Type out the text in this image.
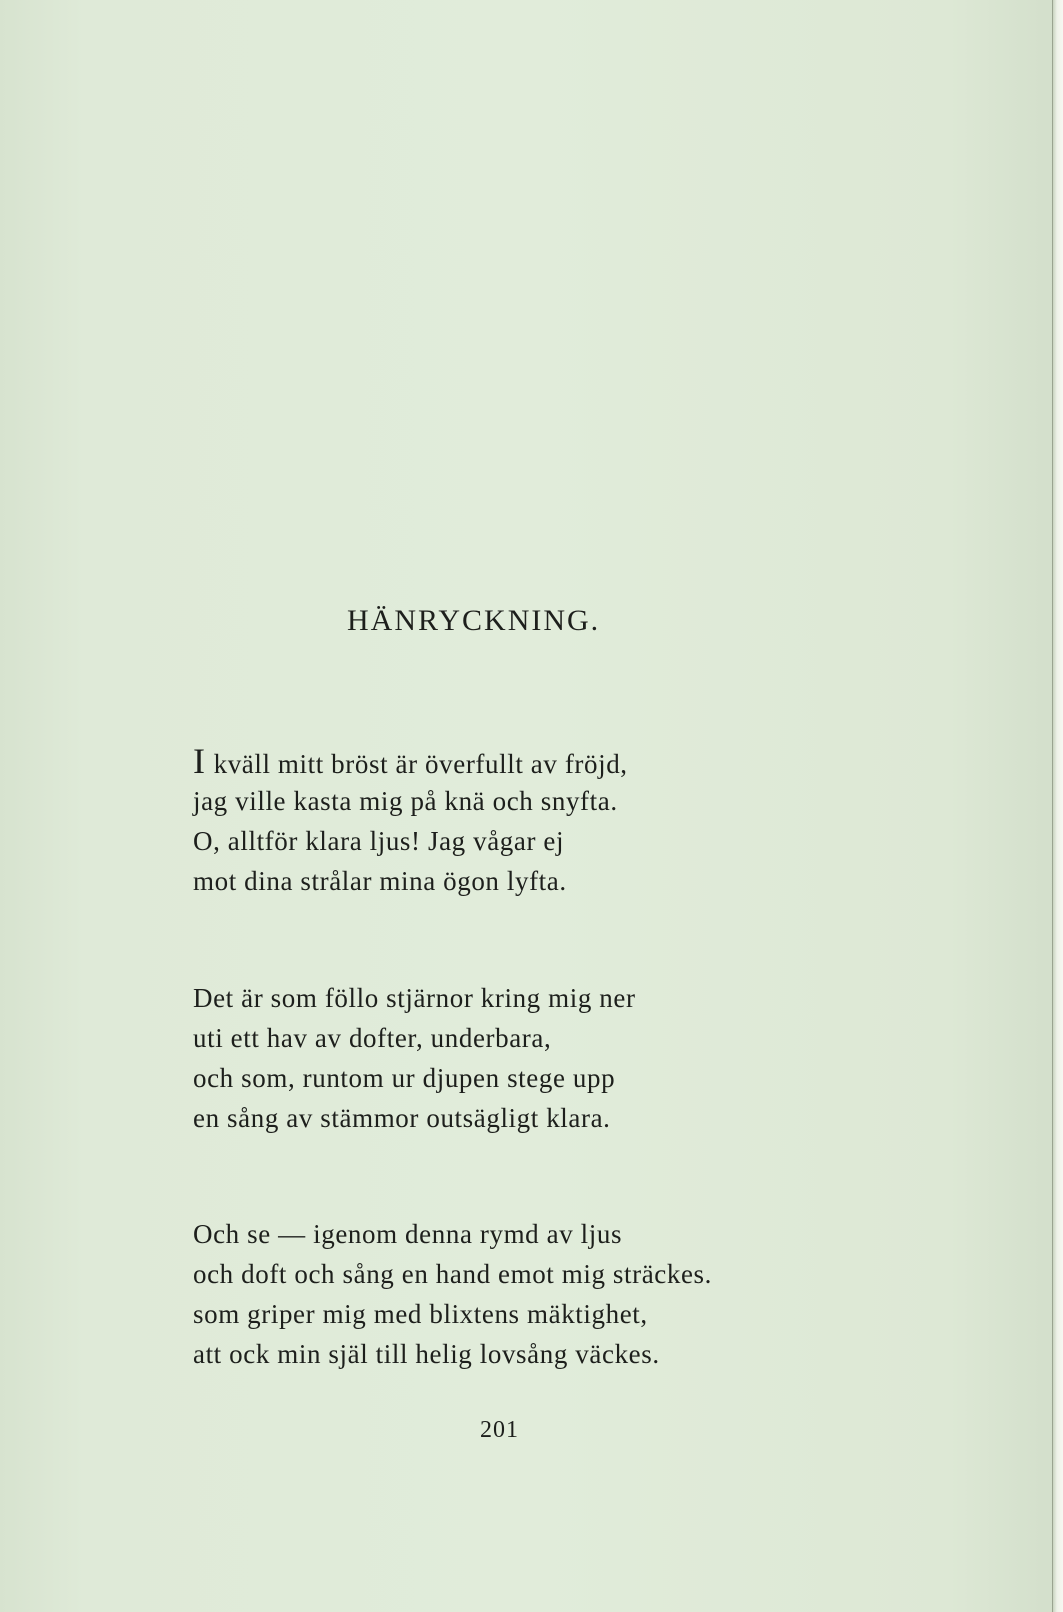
HÄNRYCKNING.
I kväll mitt bröst är överfullt av fröjd,
jag ville kasta mig på knä och snyfta.
O, alltför klara ljus! Jag vågar ej
mot dina strålar mina ögon lyfta.
Det är som föllo stjärnor kring mig ner
uti ett hav av dofter, underbara,
och som, runtom ur djupen stege upp
en sång av stämmor outsägligt klara.
Och se — igenom denna rymd av ljus
och doft och sång en hand emot mig sträckes.
som griper mig med blixtens mäktighet,
att ock min själ till helig lovsång väckes.
201
